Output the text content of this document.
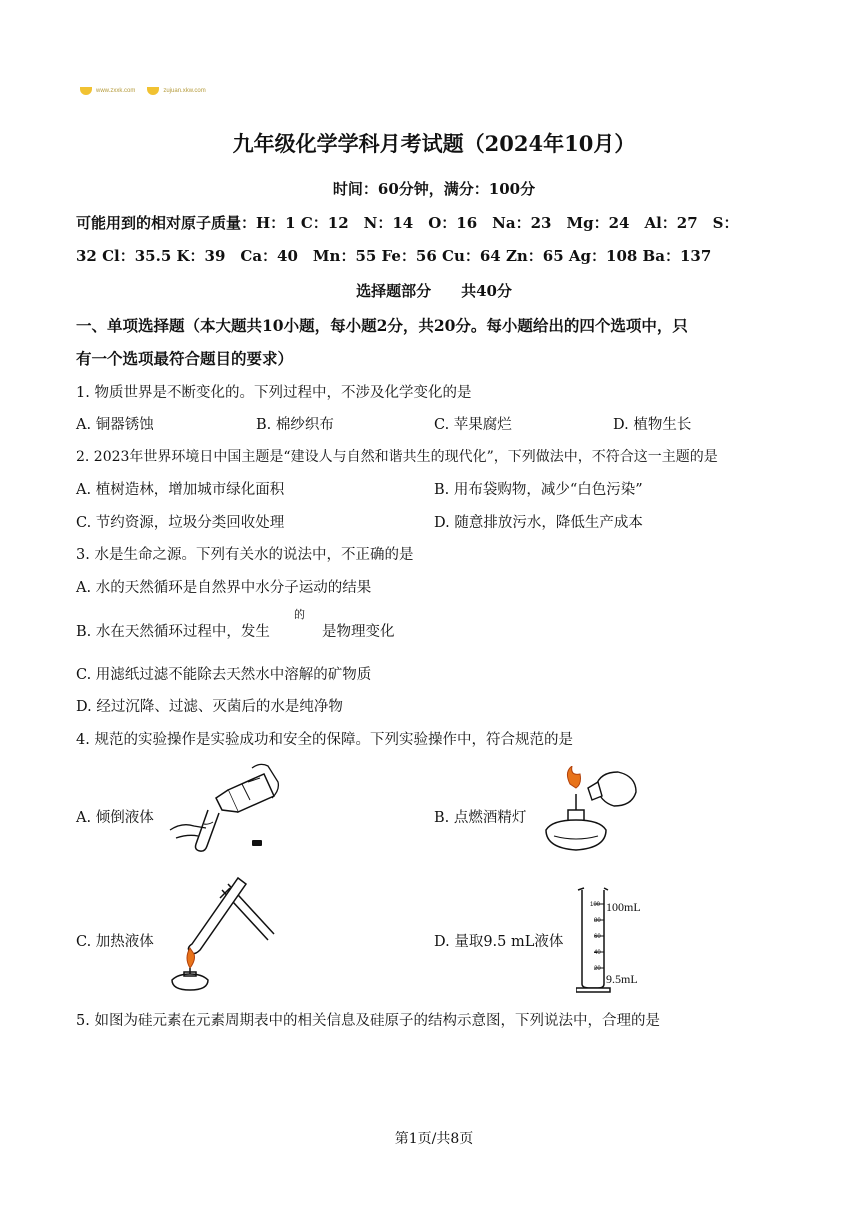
www.zxxk.com	zujuan.xkw.com
九年级化学学科月考试题（2024年10月）
时间：60分钟，满分：100分
可能用到的相对原子质量：H：1 C：12　N：14　O：16　Na：23　Mg：24　Al：27　S：
32 Cl：35.5 K：39　Ca：40　Mn：55 Fe：56 Cu：64 Zn：65 Ag：108 Ba：137
选择题部分　　共40分
一、单项选择题（本大题共10小题，每小题2分，共20分。每小题给出的四个选项中，只
有一个选项最符合题目的要求）
1. 物质世界是不断变化的。下列过程中，不涉及化学变化的是
A. 铜器锈蚀	B. 棉纱织布	C. 苹果腐烂	D. 植物生长
2. 2023年世界环境日中国主题是“建设人与自然和谐共生的现代化”，下列做法中，不符合这一主题的是
A. 植树造林，增加城市绿化面积	B. 用布袋购物，减少“白色污染”
C. 节约资源，垃圾分类回收处理	D. 随意排放污水，降低生产成本
3. 水是生命之源。下列有关水的说法中，不正确的是
A. 水的天然循环是自然界中水分子运动的结果
B. 水在天然循环过程中，发生
的
是物理变化
C. 用滤纸过滤不能除去天然水中溶解的矿物质
D. 经过沉降、过滤、灭菌后的水是纯净物
4. 规范的实验操作是实验成功和安全的保障。下列实验操作中，符合规范的是
A. 倾倒液体	B. 点燃酒精灯
C. 加热液体	D. 量取9.5 mL液体
100
80
60
40
20
100mL
9.5mL
5. 如图为硅元素在元素周期表中的相关信息及硅原子的结构示意图，下列说法中，合理的是
第1页/共8页
